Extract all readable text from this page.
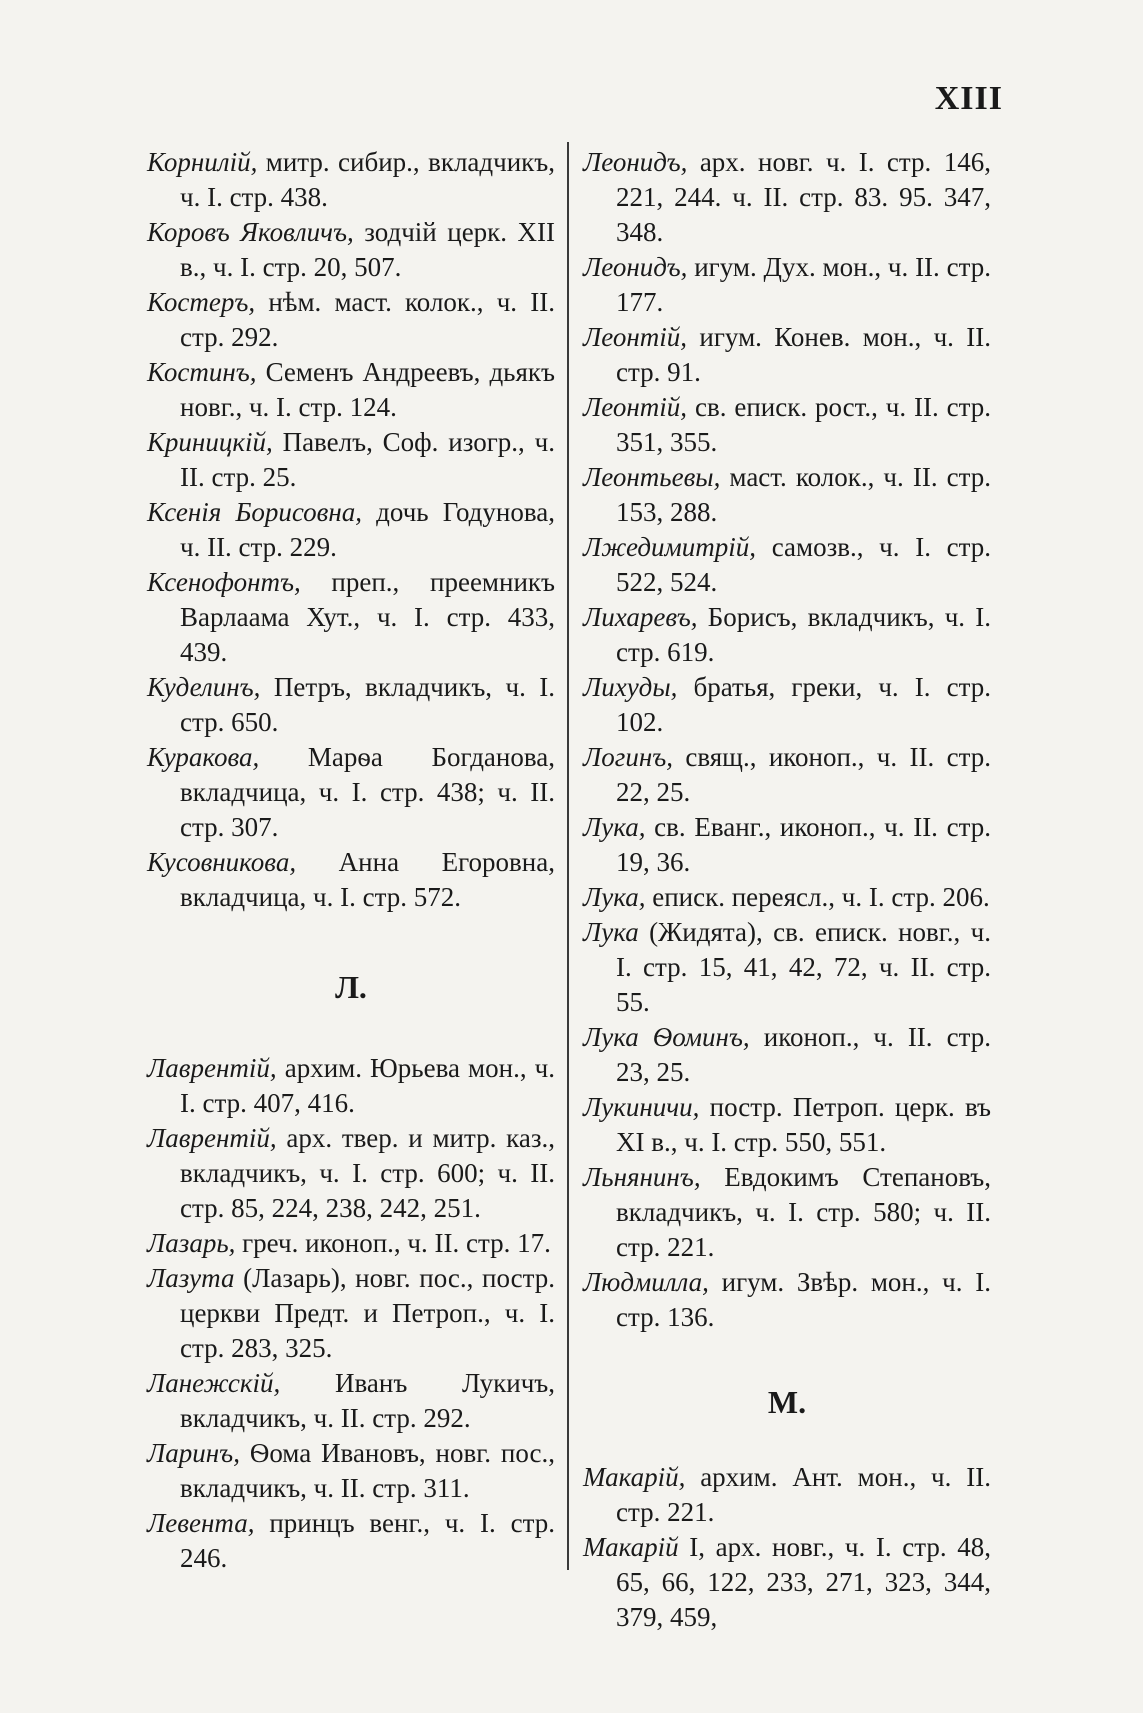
XIII

Корнилій, митр. сибир., вкладчикъ, ч. I. стр. 438.

Коровъ Яковличъ, зодчій церк. XII в., ч. I. стр. 20, 507.

Костеръ, нѣм. маст. колок., ч. II. стр. 292.

Костинъ, Семенъ Андреевъ, дьякъ новг., ч. I. стр. 124.

Криницкій, Павелъ, Соф. изогр., ч. II. стр. 25.

Ксенія Борисовна, дочь Годунова, ч. II. стр. 229.

Ксенофонтъ, преп., преемникъ Варлаама Хут., ч. I. стр. 433, 439.

Куделинъ, Петръ, вкладчикъ, ч. I. стр. 650.

Куракова, Марѳа Богданова, вкладчица, ч. I. стр. 438; ч. II. стр. 307.

Кусовникова, Анна Егоровна, вкладчица, ч. I. стр. 572.

Л.

Лаврентій, архим. Юрьева мон., ч. I. стр. 407, 416.

Лаврентій, арх. твер. и митр. каз., вкладчикъ, ч. I. стр. 600; ч. II. стр. 85, 224, 238, 242, 251.

Лазарь, греч. иконоп., ч. II. стр. 17.

Лазута (Лазарь), новг. пос., постр. церкви Предт. и Петроп., ч. I. стр. 283, 325.

Ланежскій, Иванъ Лукичъ, вкладчикъ, ч. II. стр. 292.

Ларинъ, Ѳома Ивановъ, новг. пос., вкладчикъ, ч. II. стр. 311.

Левента, принцъ венг., ч. I. стр. 246.

Леонидъ, арх. новг. ч. I. стр. 146, 221, 244. ч. II. стр. 83. 95. 347, 348.

Леонидъ, игум. Дух. мон., ч. II. стр. 177.

Леонтій, игум. Конев. мон., ч. II. стр. 91.

Леонтій, св. еписк. рост., ч. II. стр. 351, 355.

Леонтьевы, маст. колок., ч. II. стр. 153, 288.

Лжедимитрій, самозв., ч. I. стр. 522, 524.

Лихаревъ, Борисъ, вкладчикъ, ч. I. стр. 619.

Лихуды, братья, греки, ч. I. стр. 102.

Логинъ, свящ., иконоп., ч. II. стр. 22, 25.

Лука, св. Еванг., иконоп., ч. II. стр. 19, 36.

Лука, еписк. переясл., ч. I. стр. 206.

Лука (Жидята), св. еписк. новг., ч. I. стр. 15, 41, 42, 72, ч. II. стр. 55.

Лука Ѳоминъ, иконоп., ч. II. стр. 23, 25.

Лукиничи, постр. Петроп. церк. въ XI в., ч. I. стр. 550, 551.

Льнянинъ, Евдокимъ Степановъ, вкладчикъ, ч. I. стр. 580; ч. II. стр. 221.

Людмилла, игум. Звѣр. мон., ч. I. стр. 136.

М.

Макарій, архим. Ант. мон., ч. II. стр. 221.

Макарій I, арх. новг., ч. I. стр. 48, 65, 66, 122, 233, 271, 323, 344, 379, 459,
